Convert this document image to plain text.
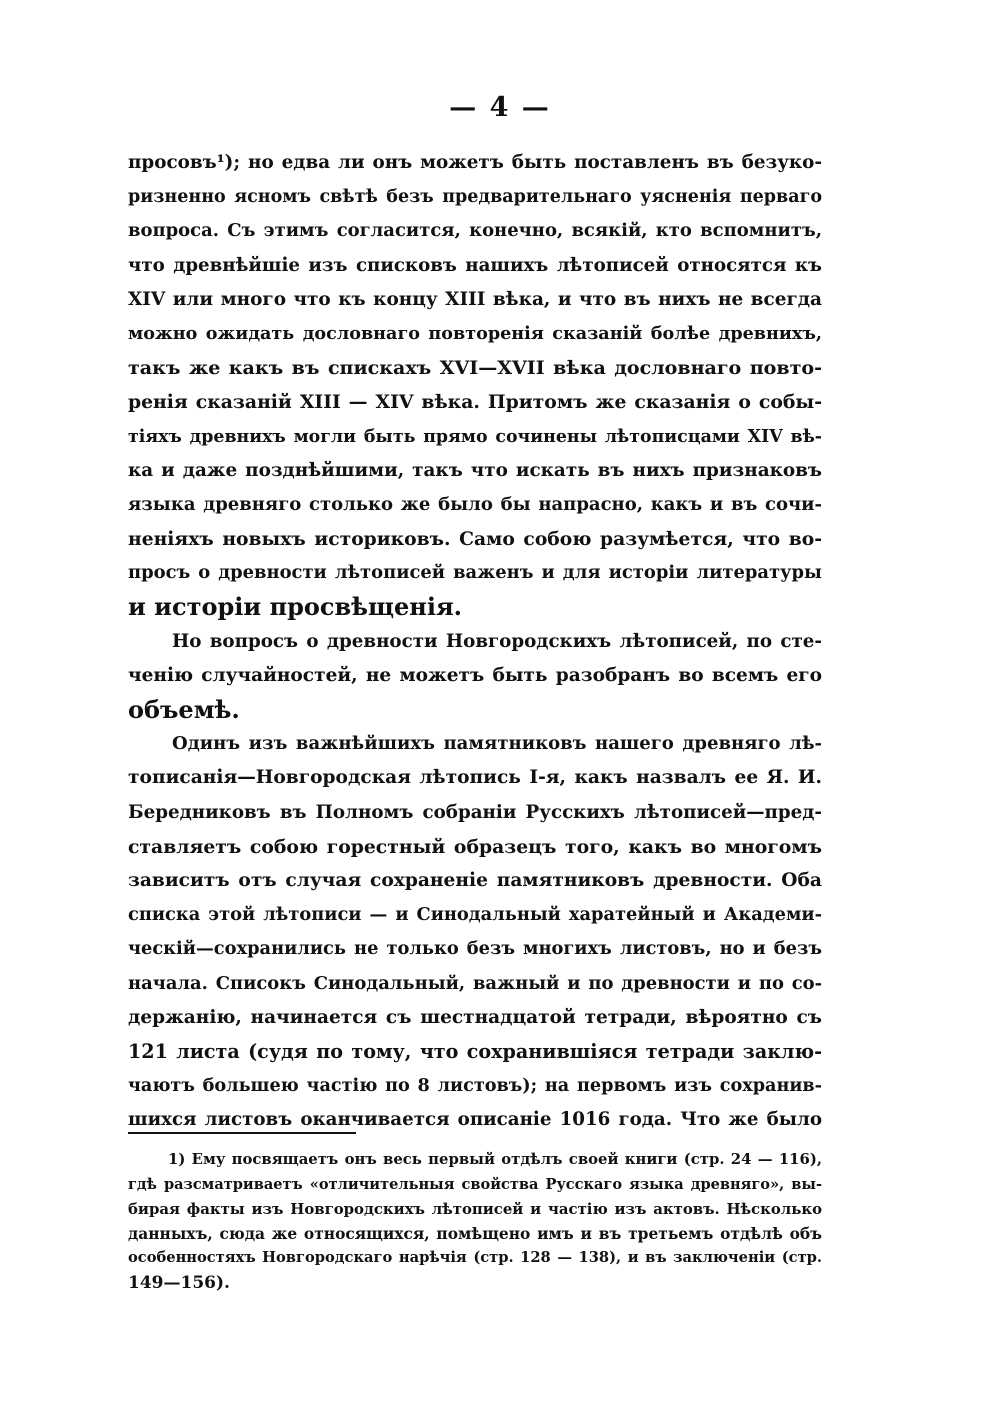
— 4 —
просовъ¹); но едва ли онъ можетъ быть поставленъ въ безуко-
ризненно ясномъ свѣтѣ безъ предварительнаго уясненія перваго
вопроса. Съ этимъ согласится, конечно, всякій, кто вспомнитъ,
что древнѣйшіе изъ списковъ нашихъ лѣтописей относятся къ
XIV или много что къ концу XIII вѣка, и что въ нихъ не всегда
можно ожидать дословнаго повторенія сказаній болѣе древнихъ,
такъ же какъ въ спискахъ XVI—XVII вѣка дословнаго повто-
ренія сказаній XIII — XIV вѣка. Притомъ же сказанія о собы-
тіяхъ древнихъ могли быть прямо сочинены лѣтописцами XIV вѣ-
ка и даже позднѣйшими, такъ что искать въ нихъ признаковъ
языка древняго столько же было бы напрасно, какъ и въ сочи-
неніяхъ новыхъ историковъ. Само собою разумѣется, что во-
просъ о древности лѣтописей важенъ и для исторіи литературы
и исторіи просвѣщенія.
Но вопросъ о древности Новгородскихъ лѣтописей, по сте-
ченію случайностей, не можетъ быть разобранъ во всемъ его
объемѣ.
Одинъ изъ важнѣйшихъ памятниковъ нашего древняго лѣ-
тописанія—Новгородская лѣтопись I-я, какъ назвалъ ее Я. И.
Бередниковъ въ Полномъ собраніи Русскихъ лѣтописей—пред-
ставляетъ собою горестный образецъ того, какъ во многомъ
зависитъ отъ случая сохраненіе памятниковъ древности. Оба
списка этой лѣтописи — и Синодальный харатейный и Академи-
ческій—сохранились не только безъ многихъ листовъ, но и безъ
начала. Списокъ Синодальный, важный и по древности и по со-
держанію, начинается съ шестнадцатой тетради, вѣроятно съ
121 листа (судя по тому, что сохранившіяся тетради заклю-
чаютъ большею частію по 8 листовъ); на первомъ изъ сохранив-
шихся листовъ оканчивается описаніе 1016 года. Что же было
1) Ему посвящаетъ онъ весь первый отдѣлъ своей книги (стр. 24 — 116),
гдѣ разсматриваетъ «отличительныя свойства Русскаго языка древняго», вы-
бирая факты изъ Новгородскихъ лѣтописей и частію изъ актовъ. Нѣсколько
данныхъ, сюда же относящихся, помѣщено имъ и въ третьемъ отдѣлѣ объ
особенностяхъ Новгородскаго нарѣчія (стр. 128 — 138), и въ заключеніи (стр.
149—156).
